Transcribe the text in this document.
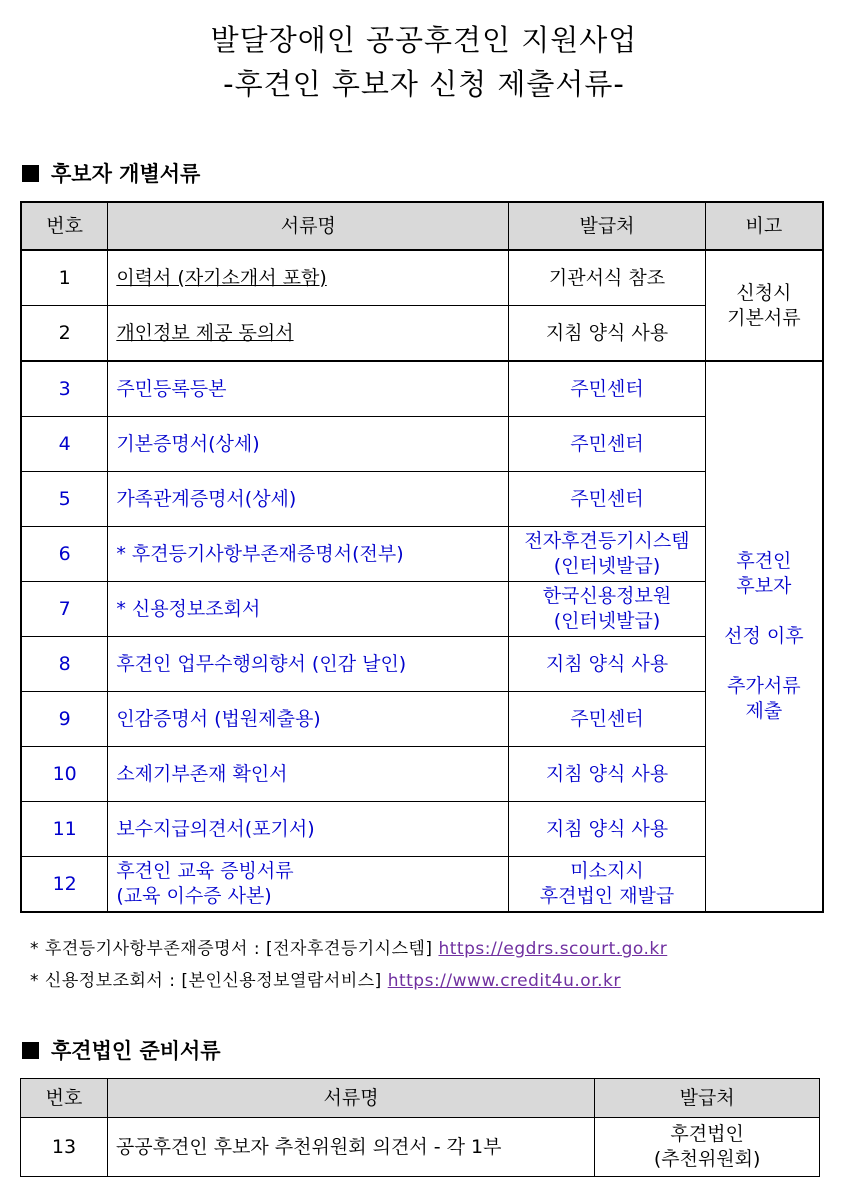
발달장애인 공공후견인 지원사업
-후견인 후보자 신청 제출서류-
후보자 개별서류
번호	서류명	발급처	비고
1	이력서 (자기소개서 포함)	기관서식 참조	신청시
기본서류
2	개인정보 제공 동의서	지침 양식 사용	
3	주민등록등본	주민센터	후견인
후보자

선정 이후

추가서류
제출
4	기본증명서(상세)	주민센터	
5	가족관계증명서(상세)	주민센터	
6	* 후견등기사항부존재증명서(전부)	전자후견등기시스템
(인터넷발급)	
7	* 신용정보조회서	한국신용정보원
(인터넷발급)	
8	후견인 업무수행의향서 (인감 날인)	지침 양식 사용	
9	인감증명서 (법원제출용)	주민센터	
10	소제기부존재 확인서	지침 양식 사용	
11	보수지급의견서(포기서)	지침 양식 사용	
12	후견인 교육 증빙서류
(교육 이수증 사본)	미소지시
후견법인 재발급	
* 후견등기사항부존재증명서 : [전자후견등기시스템] https://egdrs.scourt.go.kr
* 신용정보조회서 : [본인신용정보열람서비스] https://www.credit4u.or.kr
후견법인 준비서류
번호	서류명	발급처
13	공공후견인 후보자 추천위원회 의견서 - 각 1부	후견법인
(추천위원회)
